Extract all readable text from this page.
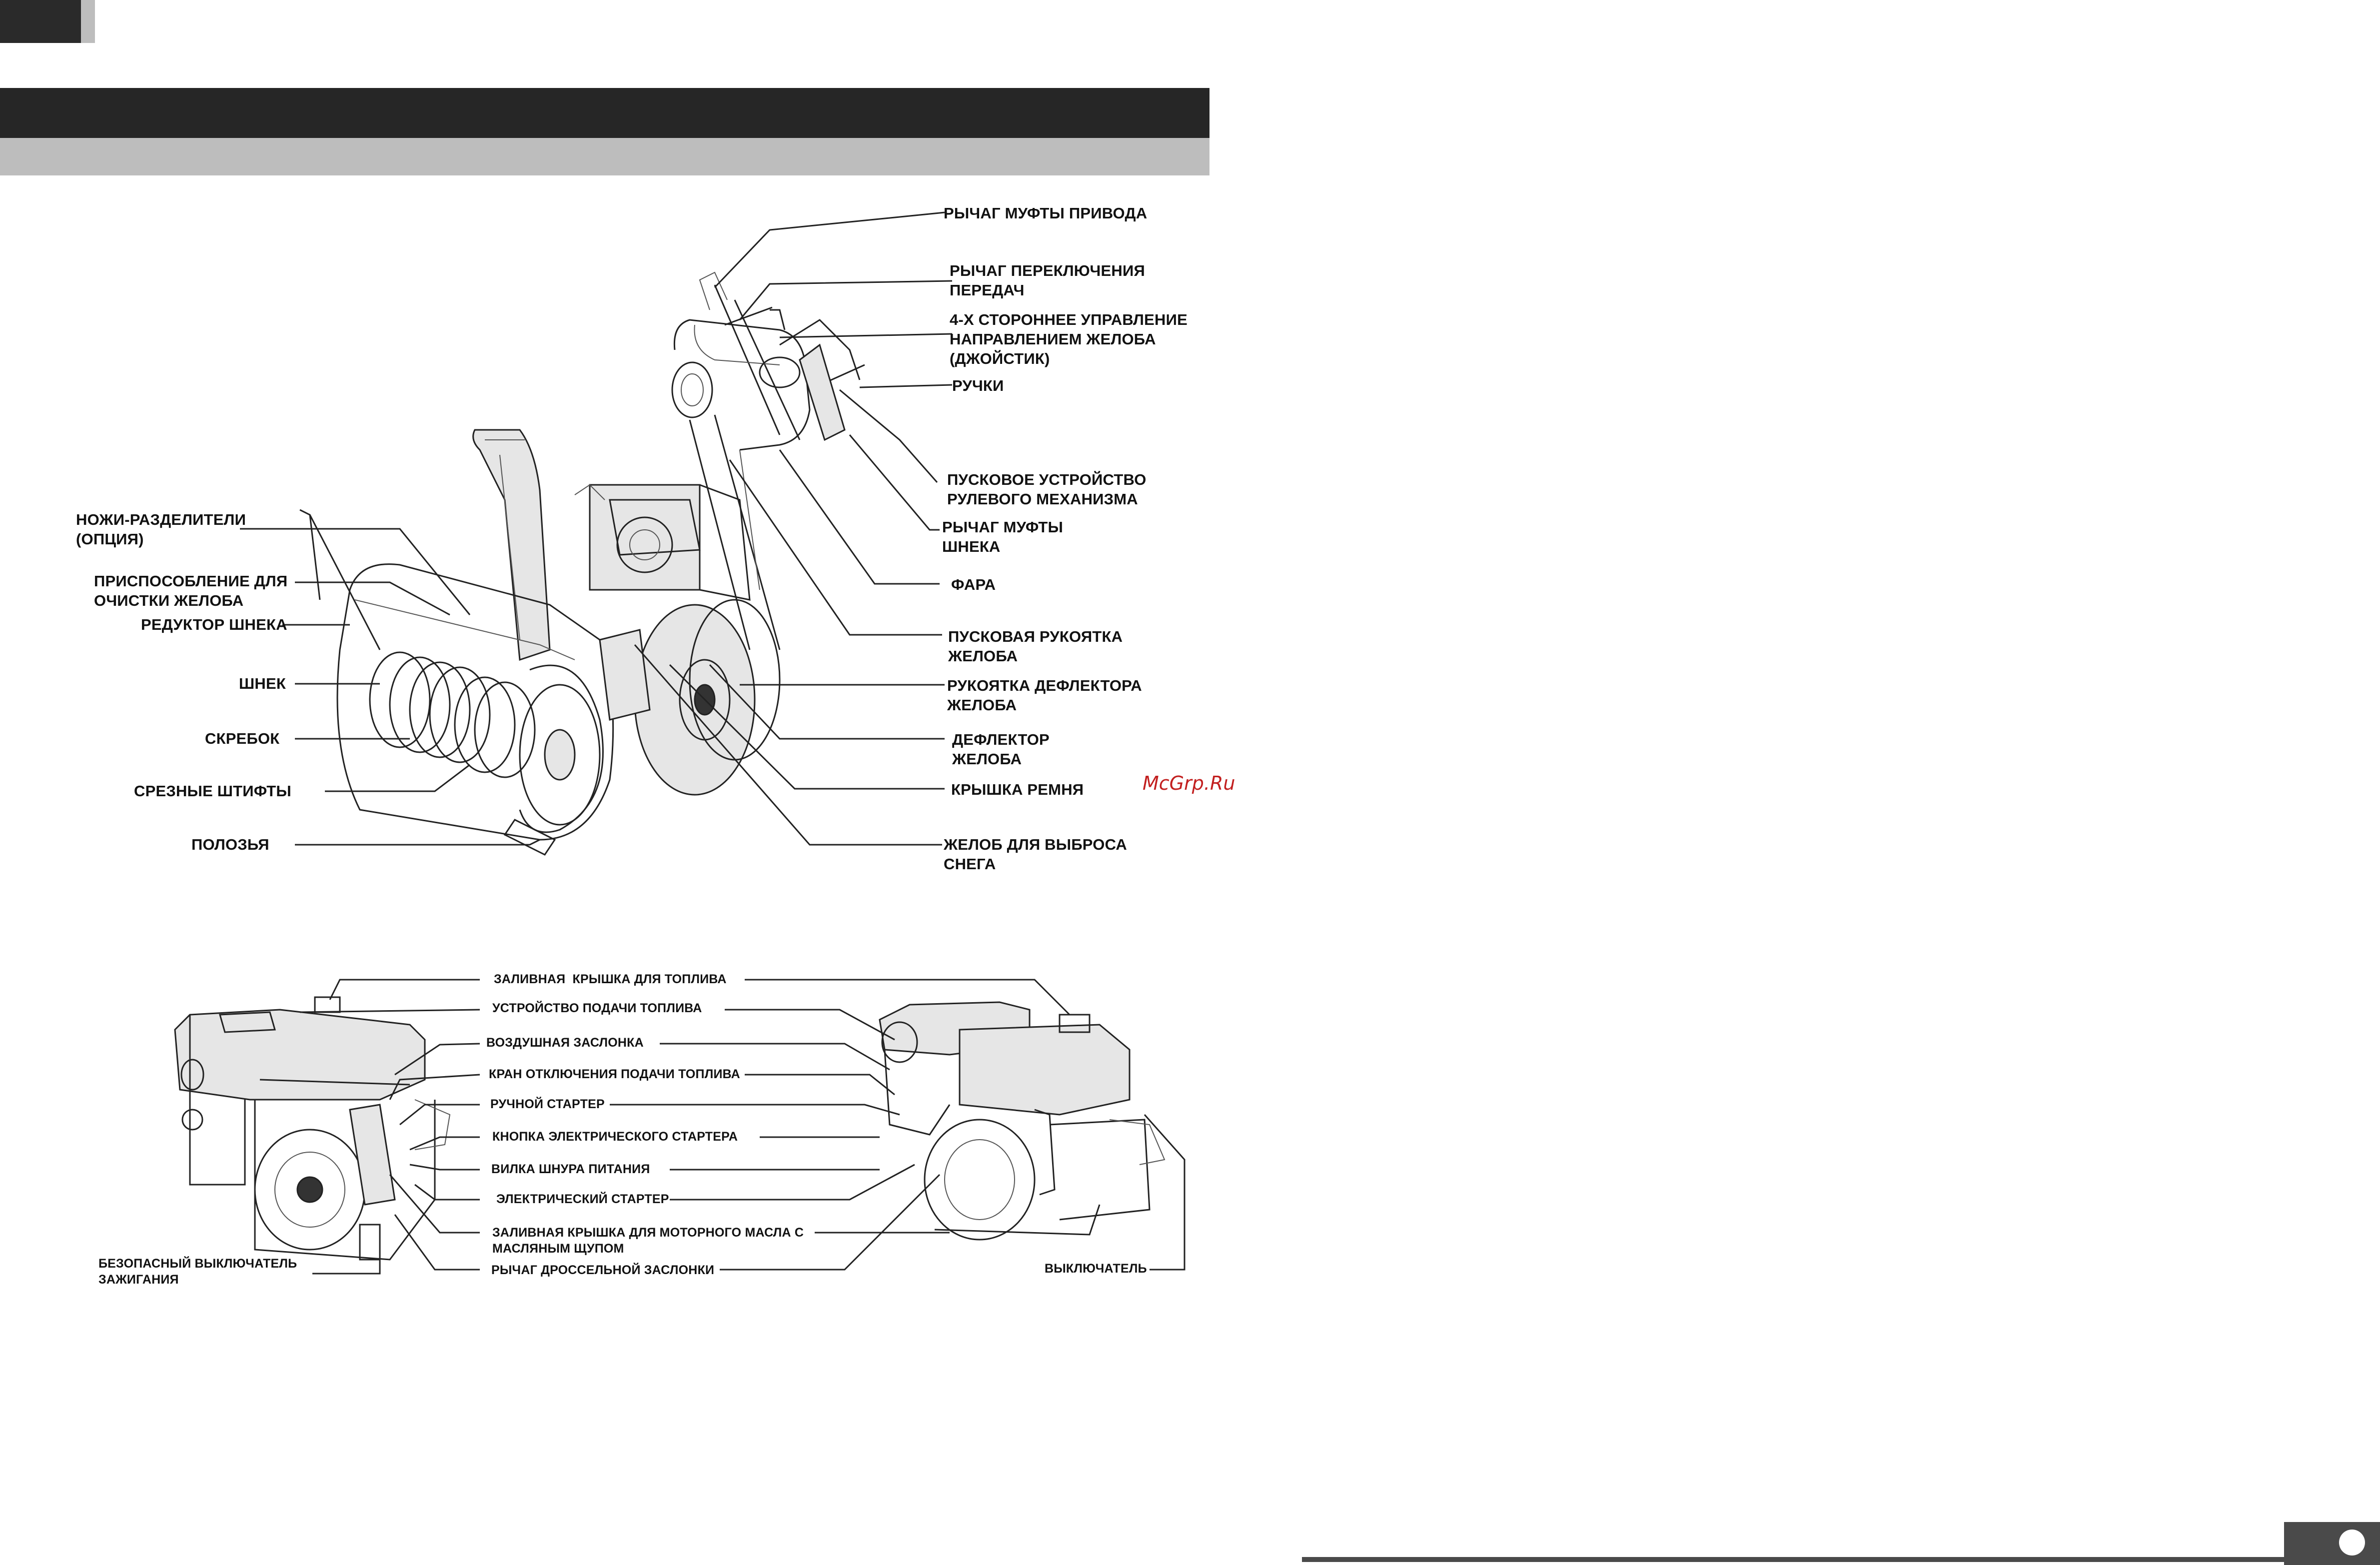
РЫЧАГ МУФТЫ ПРИВОДА
РЫЧАГ ПЕРЕКЛЮЧЕНИЯ
ПЕРЕДАЧ
4-Х СТОРОННЕЕ УПРАВЛЕНИЕ
НАПРАВЛЕНИЕМ ЖЕЛОБА
(ДЖОЙСТИК)
РУЧКИ
ПУСКОВОЕ УСТРОЙСТВО
РУЛЕВОГО МЕХАНИЗМА
РЫЧАГ МУФТЫ
ШНЕКА
ФАРА
ПУСКОВАЯ РУКОЯТКА
ЖЕЛОБА
РУКОЯТКА ДЕФЛЕКТОРА
ЖЕЛОБА
ДЕФЛЕКТОР
ЖЕЛОБА
КРЫШКА РЕМНЯ
ЖЕЛОБ ДЛЯ ВЫБРОСА
СНЕГА
НОЖИ-РАЗДЕЛИТЕЛИ
(ОПЦИЯ)
ПРИСПОСОБЛЕНИЕ ДЛЯ
ОЧИСТКИ ЖЕЛОБА
РЕДУКТОР ШНЕКА
ШНЕК
СКРЕБОК
СРЕЗНЫЕ ШТИФТЫ
ПОЛОЗЬЯ
McGrp.Ru
ЗАЛИВНАЯ  КРЫШКА ДЛЯ ТОПЛИВА
УСТРОЙСТВО ПОДАЧИ ТОПЛИВА
ВОЗДУШНАЯ ЗАСЛОНКА
КРАН ОТКЛЮЧЕНИЯ ПОДАЧИ ТОПЛИВА
РУЧНОЙ СТАРТЕР
КНОПКА ЭЛЕКТРИЧЕСКОГО СТАРТЕРА
ВИЛКА ШНУРА ПИТАНИЯ
ЭЛЕКТРИЧЕСКИЙ СТАРТЕР
ЗАЛИВНАЯ КРЫШКА ДЛЯ МОТОРНОГО МАСЛА С
МАСЛЯНЫМ ЩУПОМ
РЫЧАГ ДРОССЕЛЬНОЙ ЗАСЛОНКИ
БЕЗОПАСНЫЙ ВЫКЛЮЧАТЕЛЬ
ЗАЖИГАНИЯ
ВЫКЛЮЧАТЕЛЬ
